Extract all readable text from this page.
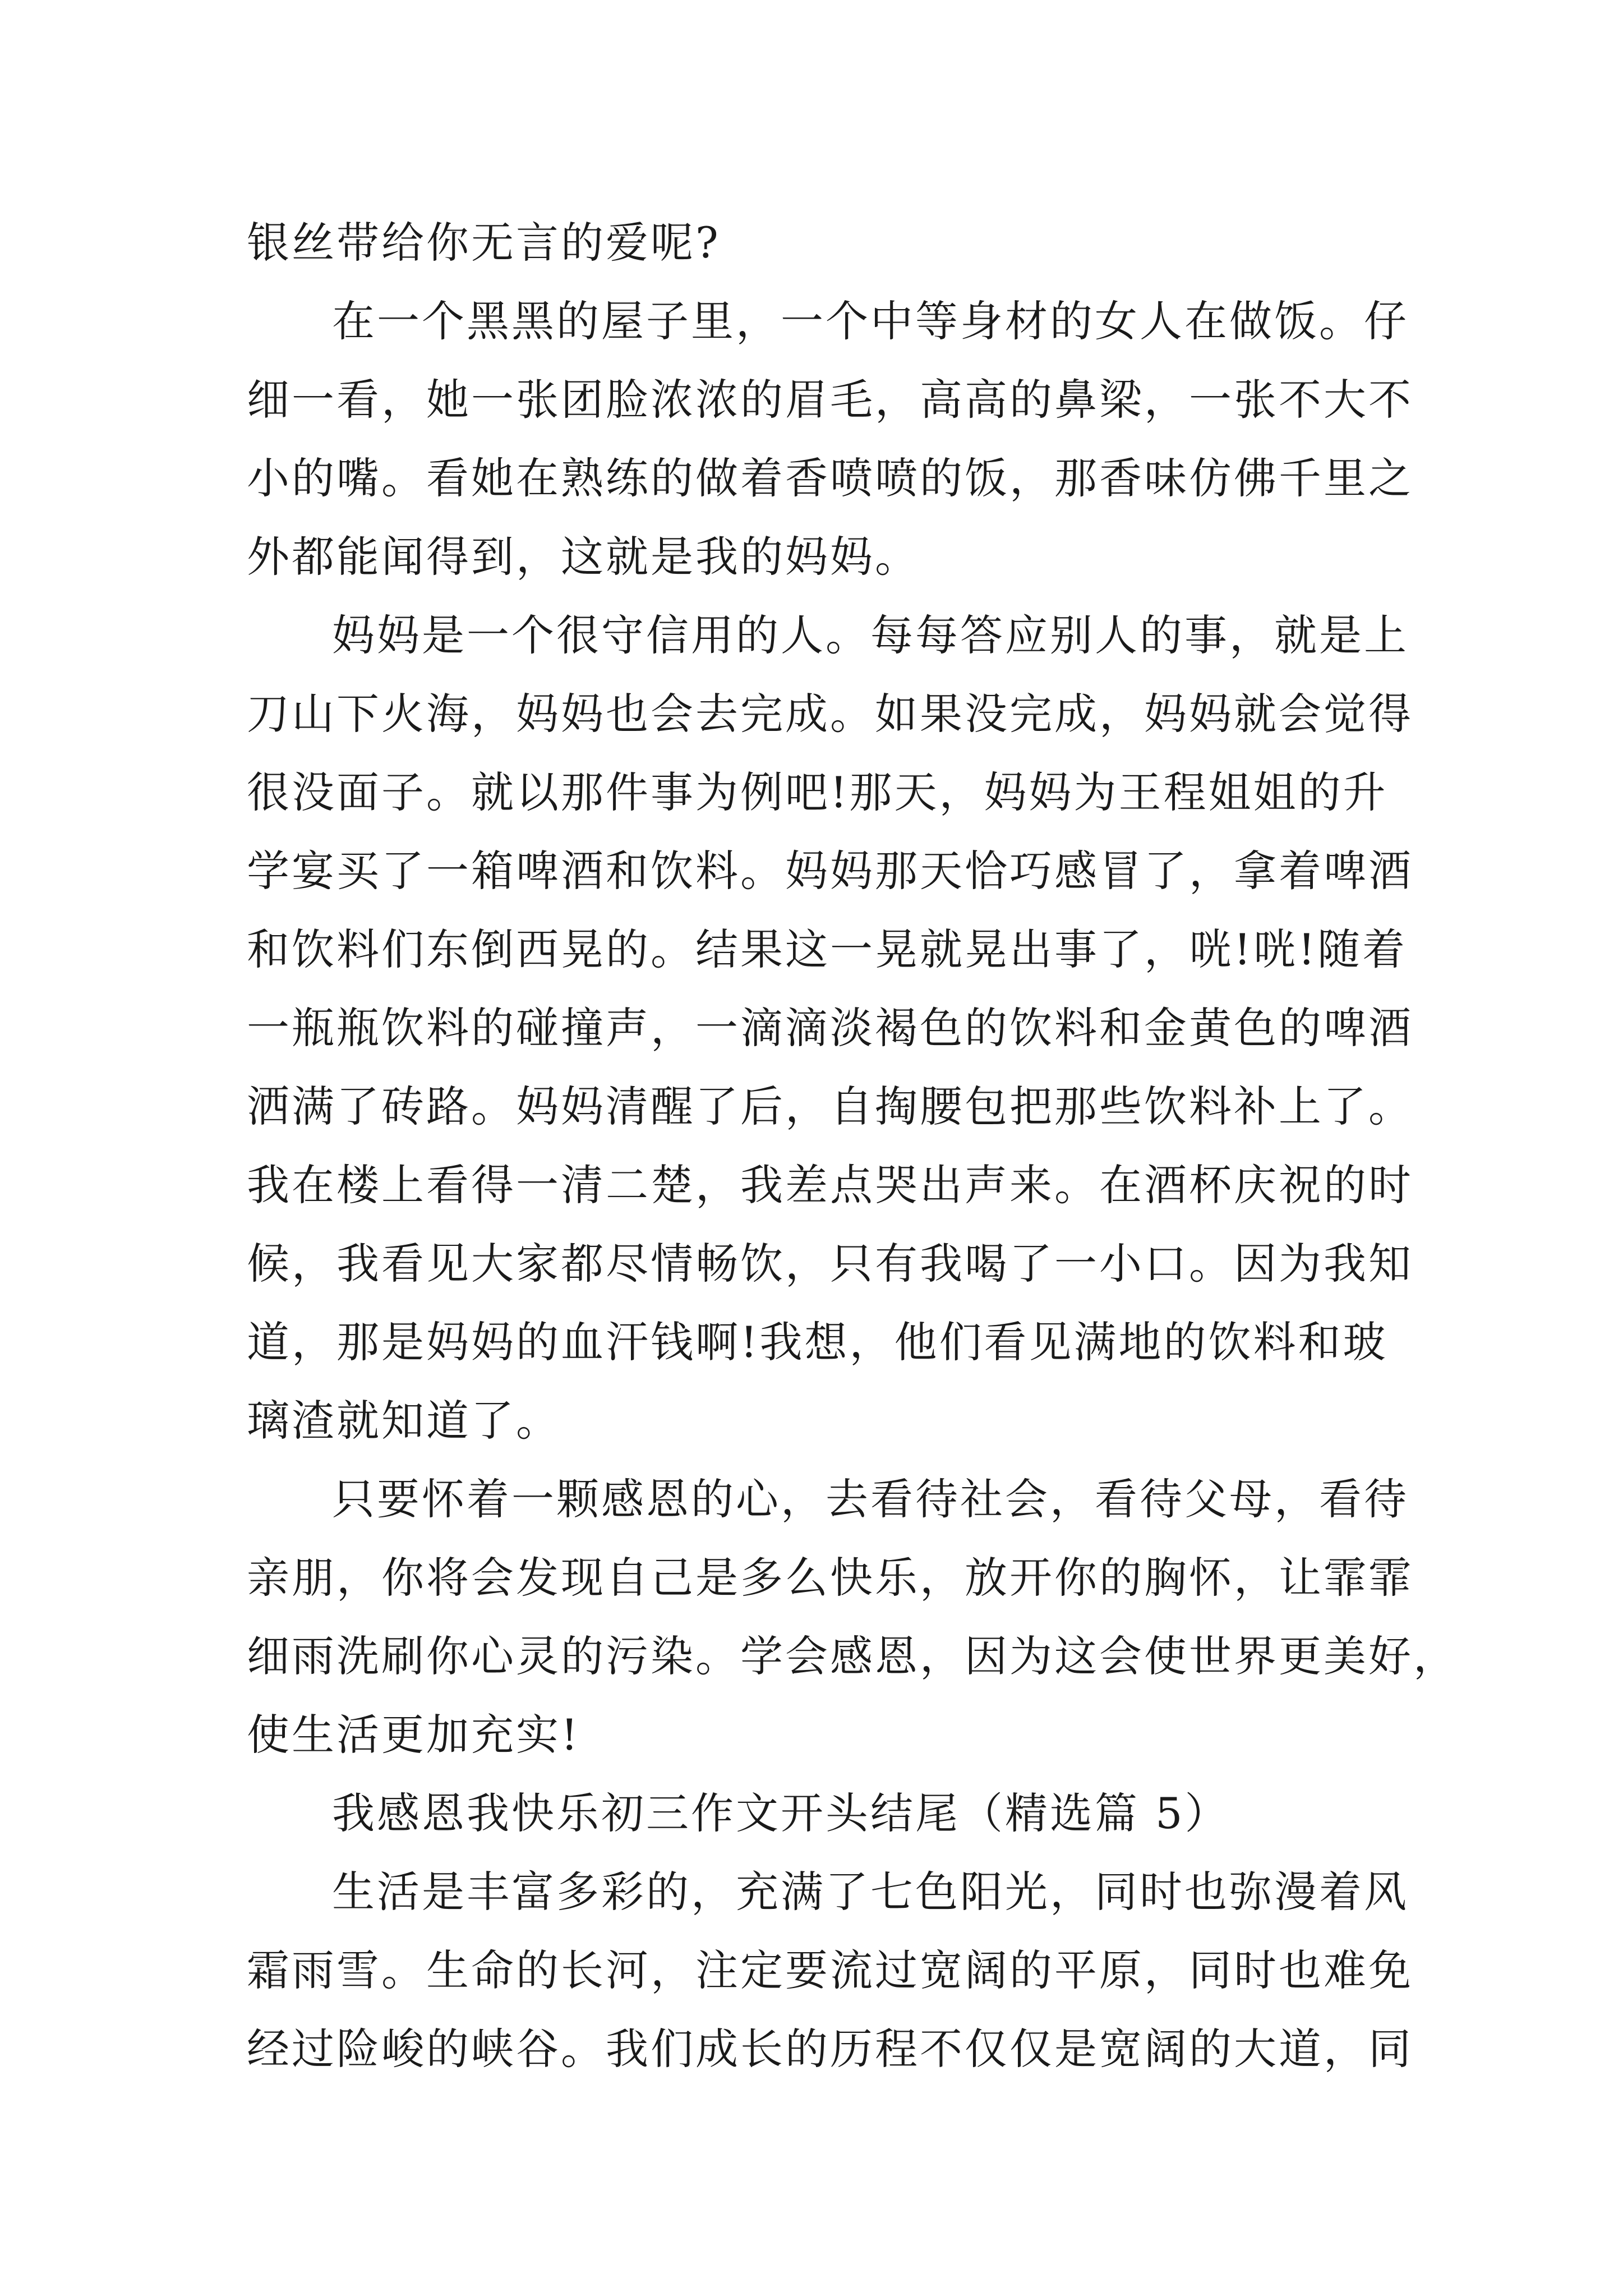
银丝带给你无言的爱呢?
在一个黑黑的屋子里，一个中等身材的女人在做饭。仔
细一看，她一张团脸浓浓的眉毛，高高的鼻梁，一张不大不
小的嘴。看她在熟练的做着香喷喷的饭，那香味仿佛千里之
外都能闻得到，这就是我的妈妈。
妈妈是一个很守信用的人。每每答应别人的事，就是上
刀山下火海，妈妈也会去完成。如果没完成，妈妈就会觉得
很没面子。就以那件事为例吧!那天，妈妈为王程姐姐的升
学宴买了一箱啤酒和饮料。妈妈那天恰巧感冒了，拿着啤酒
和饮料们东倒西晃的。结果这一晃就晃出事了，咣!咣!随着
一瓶瓶饮料的碰撞声，一滴滴淡褐色的饮料和金黄色的啤酒
洒满了砖路。妈妈清醒了后，自掏腰包把那些饮料补上了。
我在楼上看得一清二楚，我差点哭出声来。在酒杯庆祝的时
候，我看见大家都尽情畅饮，只有我喝了一小口。因为我知
道，那是妈妈的血汗钱啊!我想，他们看见满地的饮料和玻
璃渣就知道了。
只要怀着一颗感恩的心，去看待社会，看待父母，看待
亲朋，你将会发现自己是多么快乐，放开你的胸怀，让霏霏
细雨洗刷你心灵的污染。学会感恩，因为这会使世界更美好，
使生活更加充实!
我感恩我快乐初三作文开头结尾（精选篇 5）
生活是丰富多彩的，充满了七色阳光，同时也弥漫着风
霜雨雪。生命的长河，注定要流过宽阔的平原，同时也难免
经过险峻的峡谷。我们成长的历程不仅仅是宽阔的大道，同
